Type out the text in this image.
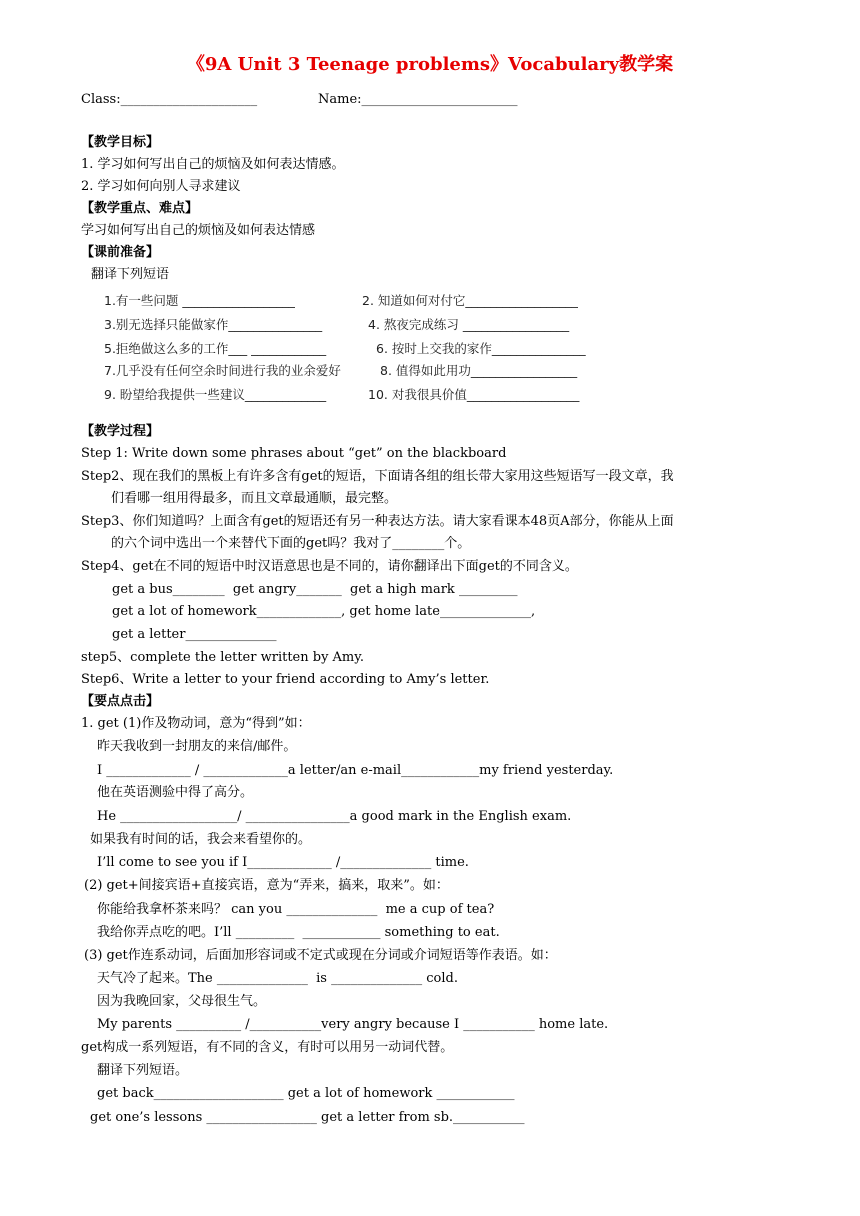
《9A Unit 3 Teenage problems》Vocabulary教学案
Class:_____________________	Name:________________________
【教学目标】
1. 学习如何写出自己的烦恼及如何表达情感。
2. 学习如何向别人寻求建议
【教学重点、难点】
学习如何写出自己的烦恼及如何表达情感
【课前准备】
翻译下列短语
1.有一些问题 __________________	2. 知道如何对付它__________________
3.别无选择只能做家作_______________	4. 熬夜完成练习 _________________
5.拒绝做这么多的工作___ ____________	6. 按时上交我的家作_______________
7.几乎没有任何空余时间进行我的业余爱好	8. 值得如此用功_________________
9. 盼望给我提供一些建议_____________	10. 对我很具价值__________________
【教学过程】
Step 1: Write down some phrases about “get” on the blackboard
Step2、现在我们的黑板上有许多含有get的短语，下面请各组的组长带大家用这些短语写一段文章，我
们看哪一组用得最多，而且文章最通顺，最完整。
Step3、你们知道吗？上面含有get的短语还有另一种表达方法。请大家看课本48页A部分，你能从上面
的六个词中选出一个来替代下面的get吗？我对了________个。
Step4、get在不同的短语中时汉语意思也是不同的，请你翻译出下面get的不同含义。
get a bus________  get angry_______  get a high mark _________
get a lot of homework_____________, get home late______________,
get a letter______________
step5、complete the letter written by Amy.
Step6、Write a letter to your friend according to Amy’s letter.
【要点点击】
1. get (1)作及物动词，意为“得到”如：
昨天我收到一封朋友的来信/邮件。
I _____________ / _____________a letter/an e-mail____________my friend yesterday.
他在英语测验中得了高分。
He __________________/ ________________a good mark in the English exam.
如果我有时间的话，我会来看望你的。
I’ll come to see you if I_____________ /______________ time.
(2) get+间接宾语+直接宾语，意为“弄来，搞来，取来”。如：
你能给我拿杯茶来吗？ can you ______________  me a cup of tea?
我给你弄点吃的吧。I’ll _________  ____________ something to eat.
(3) get作连系动词，后面加形容词或不定式或现在分词或介词短语等作表语。如：
天气冷了起来。The ______________  is ______________ cold.
因为我晚回家，父母很生气。
My parents __________ /___________very angry because I ___________ home late.
get构成一系列短语，有不同的含义，有时可以用另一动词代替。
翻译下列短语。
get back____________________ get a lot of homework ____________
get one’s lessons _________________ get a letter from sb.___________
